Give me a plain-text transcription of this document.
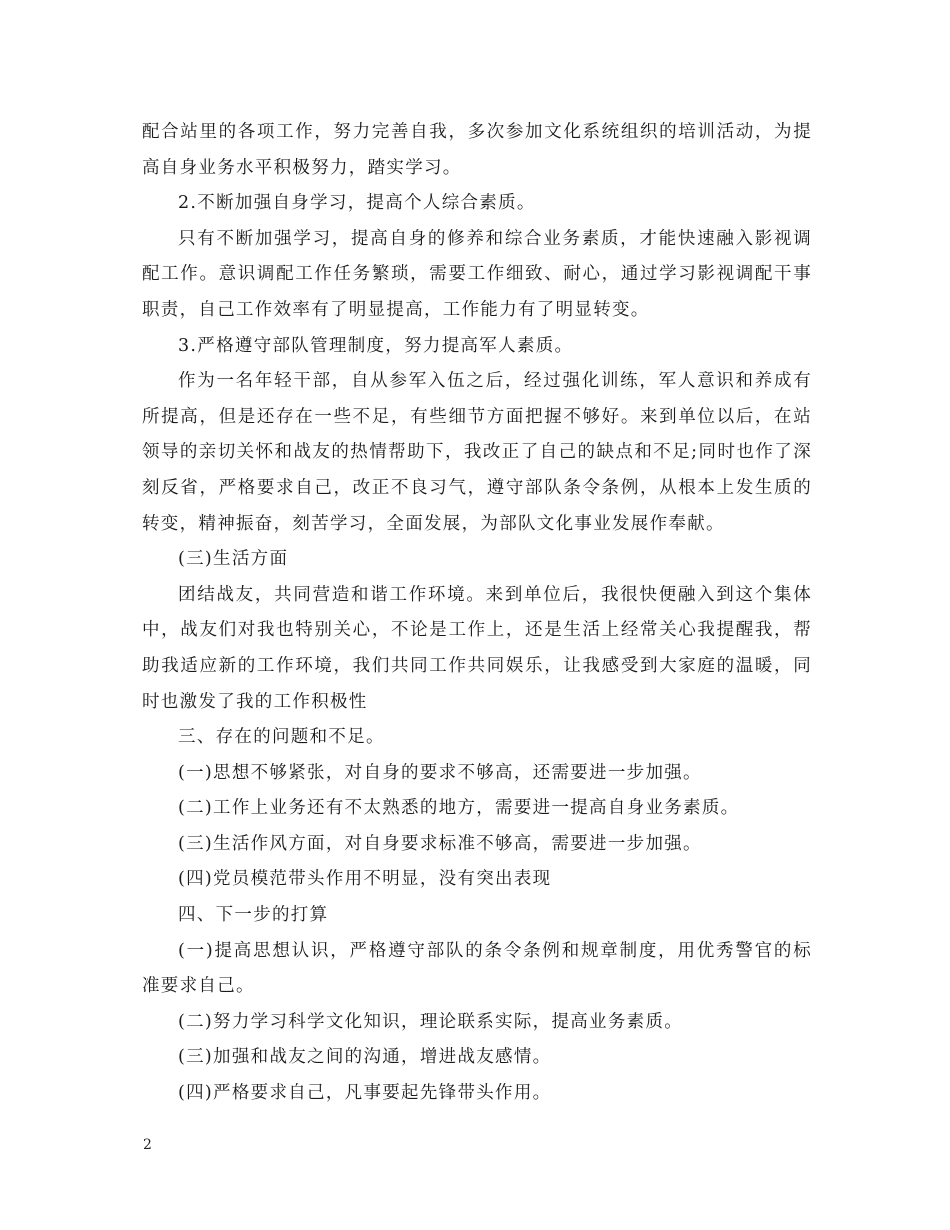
配合站里的各项工作，努力完善自我，多次参加文化系统组织的培训活动，为提高自身业务水平积极努力，踏实学习。

2.不断加强自身学习，提高个人综合素质。

只有不断加强学习，提高自身的修养和综合业务素质，才能快速融入影视调配工作。意识调配工作任务繁琐，需要工作细致、耐心，通过学习影视调配干事职责，自己工作效率有了明显提高，工作能力有了明显转变。

3.严格遵守部队管理制度，努力提高军人素质。

作为一名年轻干部，自从参军入伍之后，经过强化训练，军人意识和养成有所提高，但是还存在一些不足，有些细节方面把握不够好。来到单位以后，在站领导的亲切关怀和战友的热情帮助下，我改正了自己的缺点和不足;同时也作了深刻反省，严格要求自己，改正不良习气，遵守部队条令条例，从根本上发生质的转变，精神振奋，刻苦学习，全面发展，为部队文化事业发展作奉献。

(三)生活方面

团结战友，共同营造和谐工作环境。来到单位后，我很快便融入到这个集体中，战友们对我也特别关心，不论是工作上，还是生活上经常关心我提醒我，帮助我适应新的工作环境，我们共同工作共同娱乐，让我感受到大家庭的温暖，同时也激发了我的工作积极性

三、存在的问题和不足。

(一)思想不够紧张，对自身的要求不够高，还需要进一步加强。

(二)工作上业务还有不太熟悉的地方，需要进一提高自身业务素质。

(三)生活作风方面，对自身要求标准不够高，需要进一步加强。

(四)党员模范带头作用不明显，没有突出表现

四、下一步的打算

(一)提高思想认识，严格遵守部队的条令条例和规章制度，用优秀警官的标准要求自己。

(二)努力学习科学文化知识，理论联系实际，提高业务素质。

(三)加强和战友之间的沟通，增进战友感情。

(四)严格要求自己，凡事要起先锋带头作用。

2
